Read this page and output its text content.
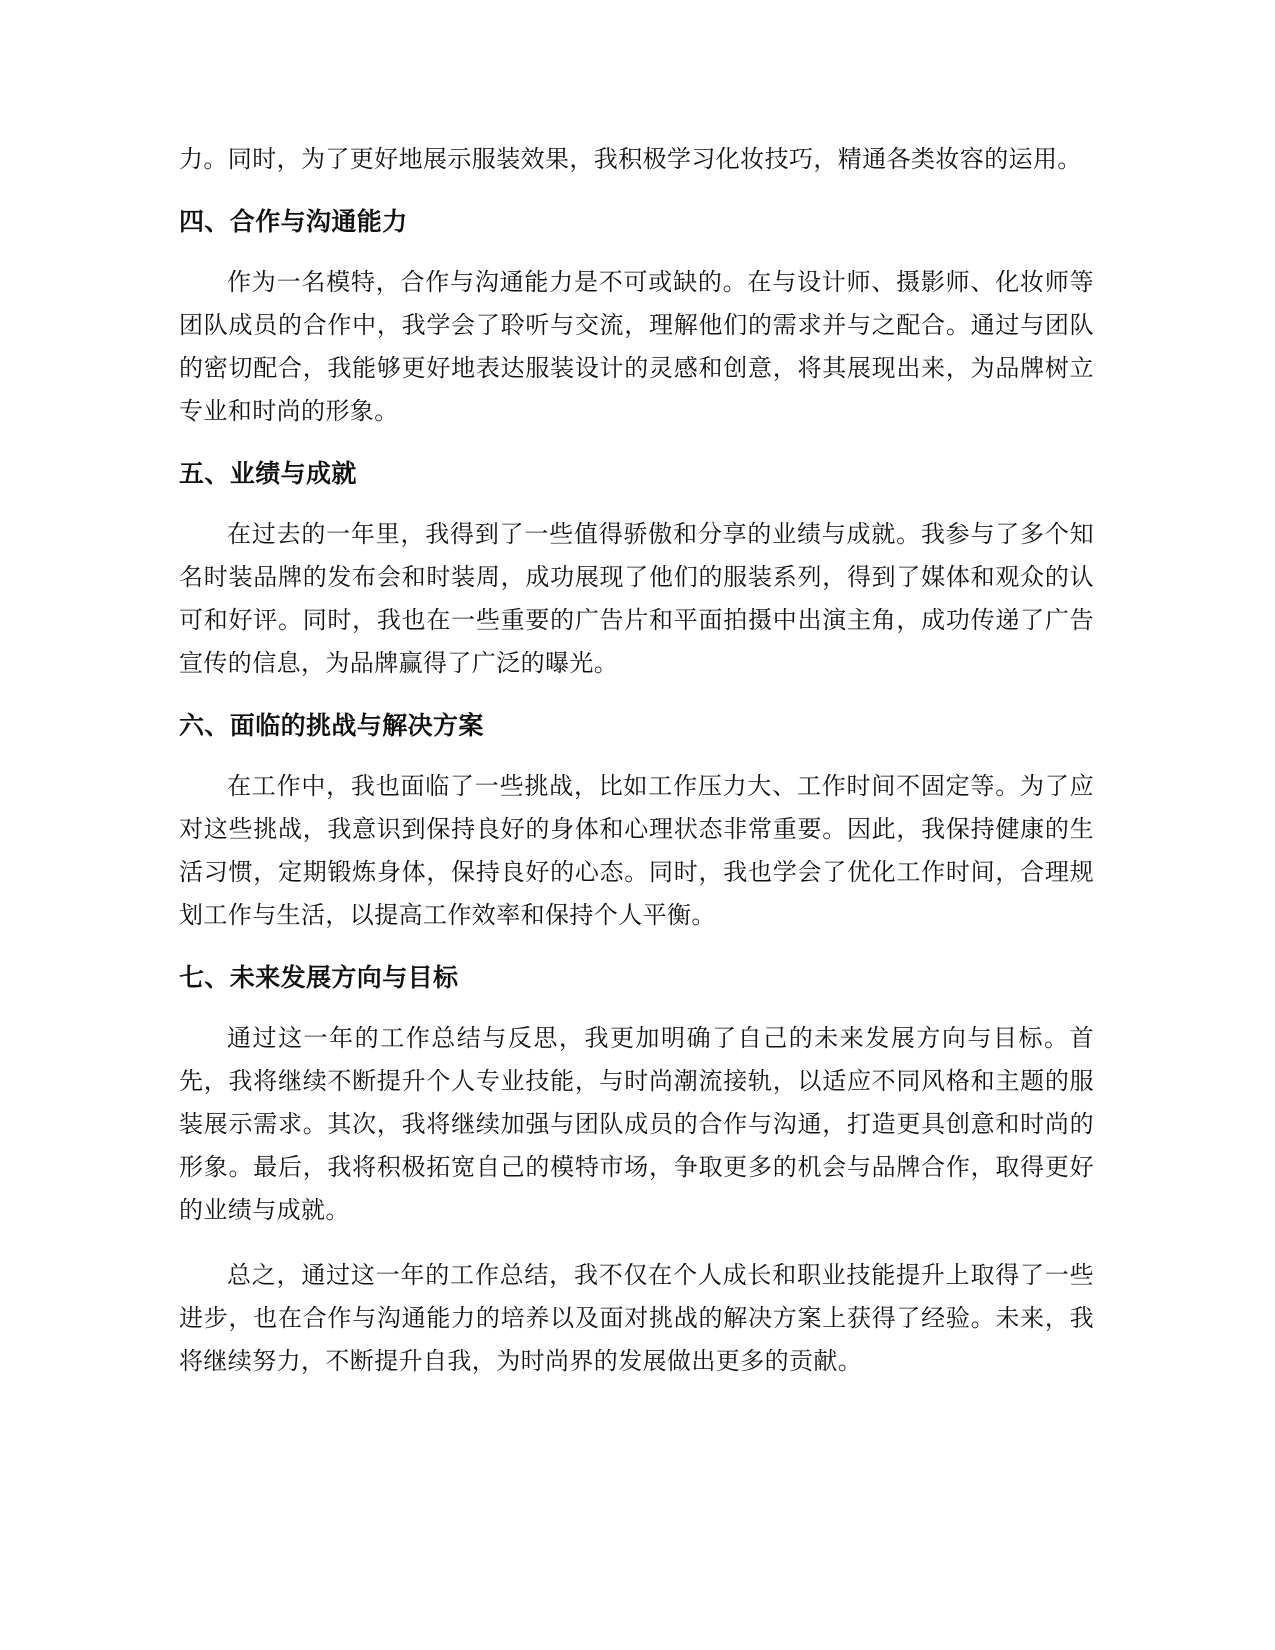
力。同时，为了更好地展示服装效果，我积极学习化妆技巧，精通各类妆容的运用。

四、合作与沟通能力

作为一名模特，合作与沟通能力是不可或缺的。在与设计师、摄影师、化妆师等团队成员的合作中，我学会了聆听与交流，理解他们的需求并与之配合。通过与团队的密切配合，我能够更好地表达服装设计的灵感和创意，将其展现出来，为品牌树立专业和时尚的形象。

五、业绩与成就

在过去的一年里，我得到了一些值得骄傲和分享的业绩与成就。我参与了多个知名时装品牌的发布会和时装周，成功展现了他们的服装系列，得到了媒体和观众的认可和好评。同时，我也在一些重要的广告片和平面拍摄中出演主角，成功传递了广告宣传的信息，为品牌赢得了广泛的曝光。

六、面临的挑战与解决方案

在工作中，我也面临了一些挑战，比如工作压力大、工作时间不固定等。为了应对这些挑战，我意识到保持良好的身体和心理状态非常重要。因此，我保持健康的生活习惯，定期锻炼身体，保持良好的心态。同时，我也学会了优化工作时间，合理规划工作与生活，以提高工作效率和保持个人平衡。

七、未来发展方向与目标

通过这一年的工作总结与反思，我更加明确了自己的未来发展方向与目标。首先，我将继续不断提升个人专业技能，与时尚潮流接轨，以适应不同风格和主题的服装展示需求。其次，我将继续加强与团队成员的合作与沟通，打造更具创意和时尚的形象。最后，我将积极拓宽自己的模特市场，争取更多的机会与品牌合作，取得更好的业绩与成就。

总之，通过这一年的工作总结，我不仅在个人成长和职业技能提升上取得了一些进步，也在合作与沟通能力的培养以及面对挑战的解决方案上获得了经验。未来，我将继续努力，不断提升自我，为时尚界的发展做出更多的贡献。
